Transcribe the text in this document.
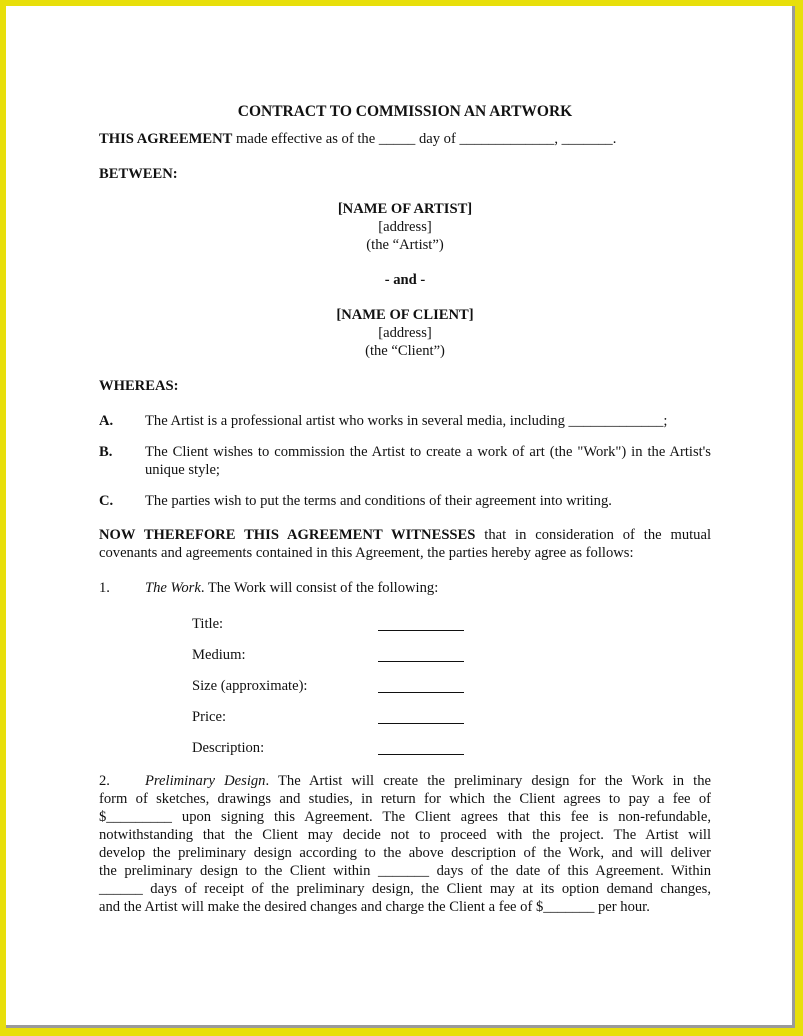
CONTRACT TO COMMISSION AN ARTWORK

THIS AGREEMENT made effective as of the _____ day of _____________, _______.

BETWEEN:

[NAME OF ARTIST]
[address]
(the “Artist”)
- and -
[NAME OF CLIENT]
[address]
(the “Client”)

WHEREAS:

A.	The Artist is a professional artist who works in several media, including _____________;
B.	The Client wishes to commission the Artist to create a work of art (the "Work") in the Artist's unique style;
C.	The parties wish to put the terms and conditions of their agreement into writing.

NOW THEREFORE THIS AGREEMENT WITNESSES that in consideration of the mutual

covenants and agreements contained in this Agreement, the parties hereby agree as follows:

1.	The Work. The Work will consist of the following:
Title:
Medium:
Size (approximate):
Price:
Description:

2. Preliminary Design. The Artist will create the preliminary design for the Work in the

form of sketches, drawings and studies, in return for which the Client agrees to pay a fee of

$_________ upon signing this Agreement. The Client agrees that this fee is non-refundable,

notwithstanding that the Client may decide not to proceed with the project. The Artist will

develop the preliminary design according to the above description of the Work, and will deliver

the preliminary design to the Client within _______ days of the date of this Agreement. Within

______ days of receipt of the preliminary design, the Client may at its option demand changes,

and the Artist will make the desired changes and charge the Client a fee of $_______ per hour.
